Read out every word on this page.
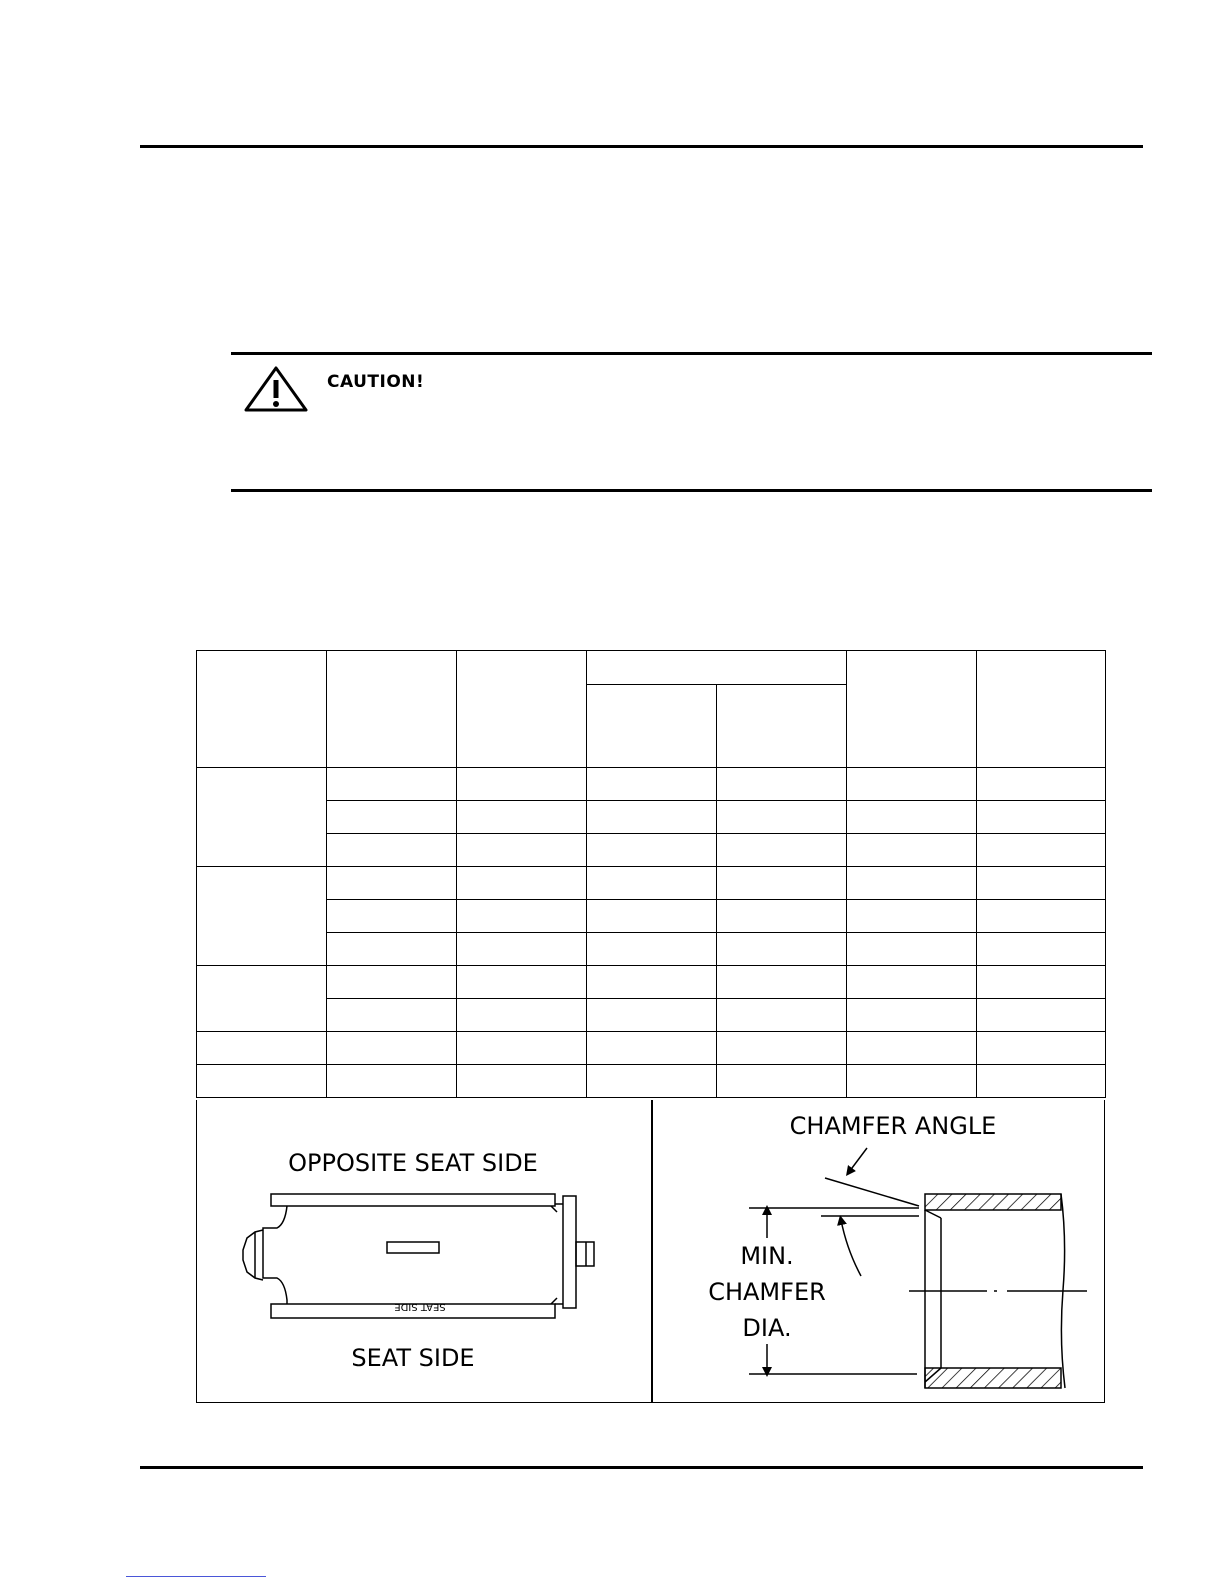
CAUTION!

OPPOSITE SEAT SIDE
SEAT SIDE
SEAT SIDE
CHAMFER ANGLE
MIN.
CHAMFER
DIA.
